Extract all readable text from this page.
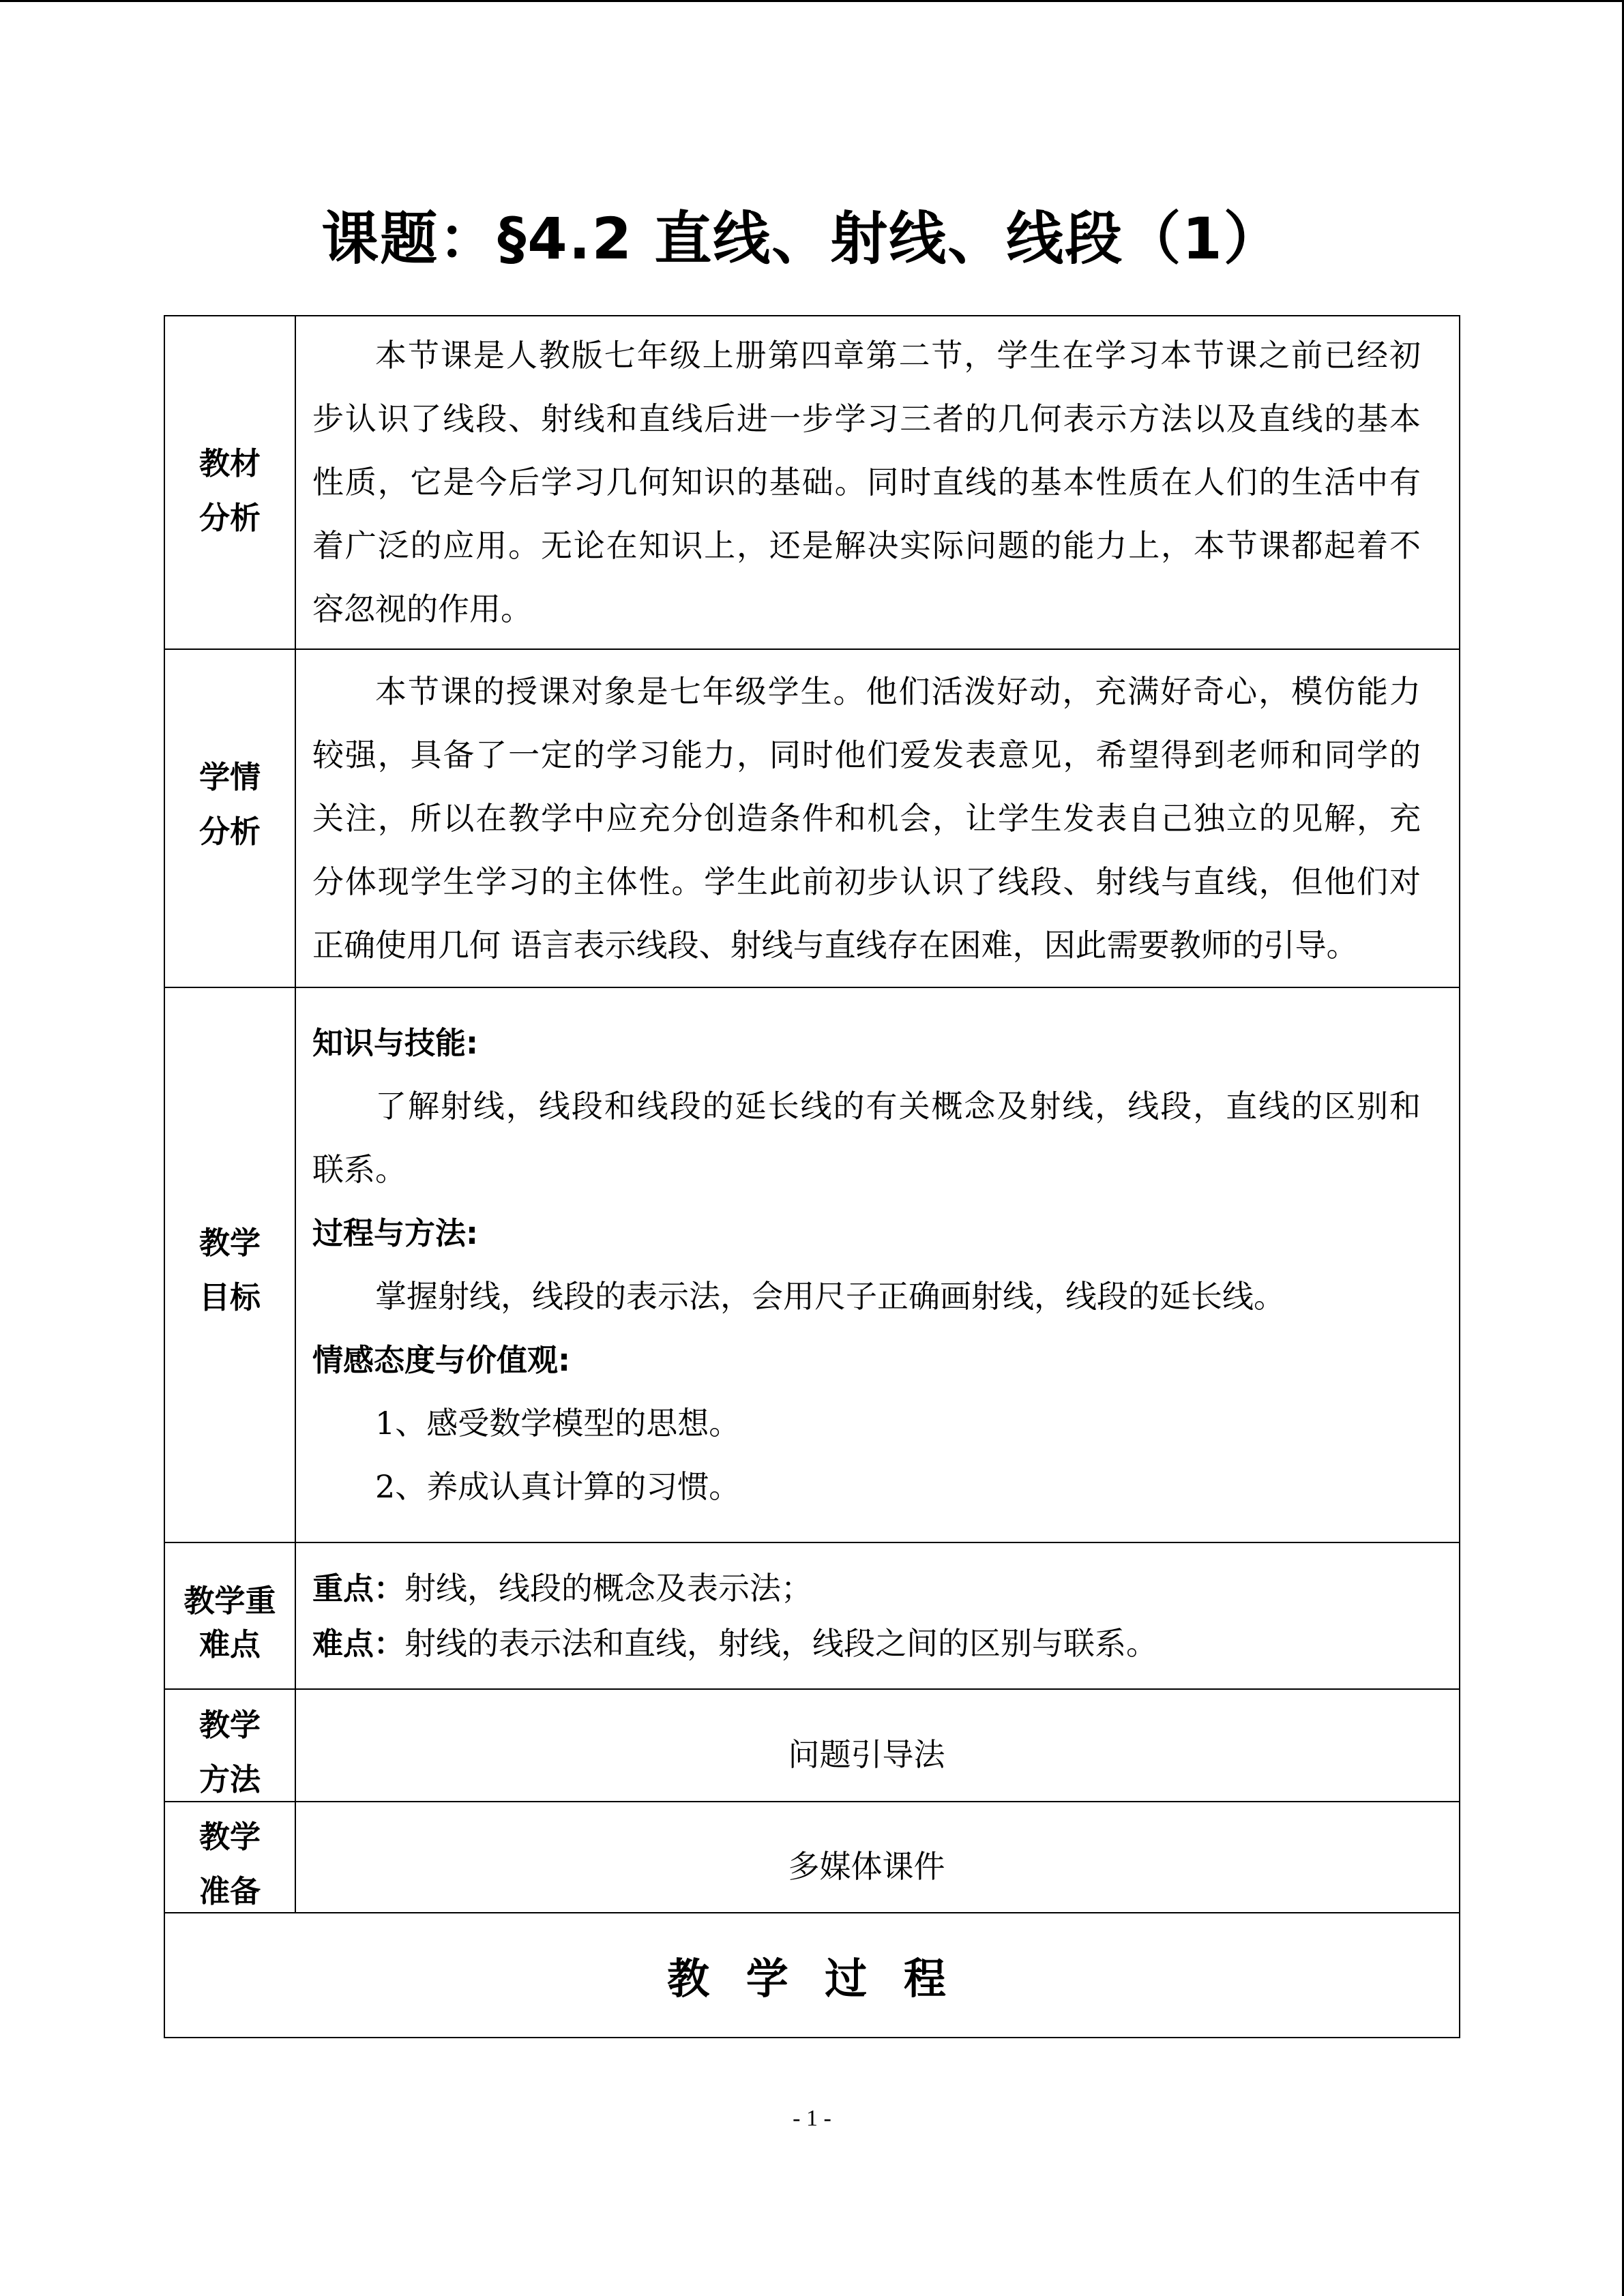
课题：§4.2 直线、射线、线段（1）
教材
分析
本节课是人教版七年级上册第四章第二节，学生在学习本节课之前已经初
步认识了线段、射线和直线后进一步学习三者的几何表示方法以及直线的基本
性质，它是今后学习几何知识的基础。同时直线的基本性质在人们的生活中有
着广泛的应用。无论在知识上，还是解决实际问题的能力上，本节课都起着不
容忽视的作用。
学情
分析
本节课的授课对象是七年级学生。他们活泼好动，充满好奇心，模仿能力
较强，具备了一定的学习能力，同时他们爱发表意见，希望得到老师和同学的
关注，所以在教学中应充分创造条件和机会，让学生发表自己独立的见解，充
分体现学生学习的主体性。学生此前初步认识了线段、射线与直线，但他们对
正确使用几何 语言表示线段、射线与直线存在困难，因此需要教师的引导。
教学
目标
知识与技能:
了解射线，线段和线段的延长线的有关概念及射线，线段，直线的区别和
联系。
过程与方法:
掌握射线，线段的表示法，会用尺子正确画射线，线段的延长线。
情感态度与价值观:
1、感受数学模型的思想。
2、养成认真计算的习惯。
教学重
难点
重点：射线，线段的概念及表示法；
难点：射线的表示法和直线，射线，线段之间的区别与联系。
教学
方法
问题引导法
教学
准备
多媒体课件
教 学 过 程
- 1 -
